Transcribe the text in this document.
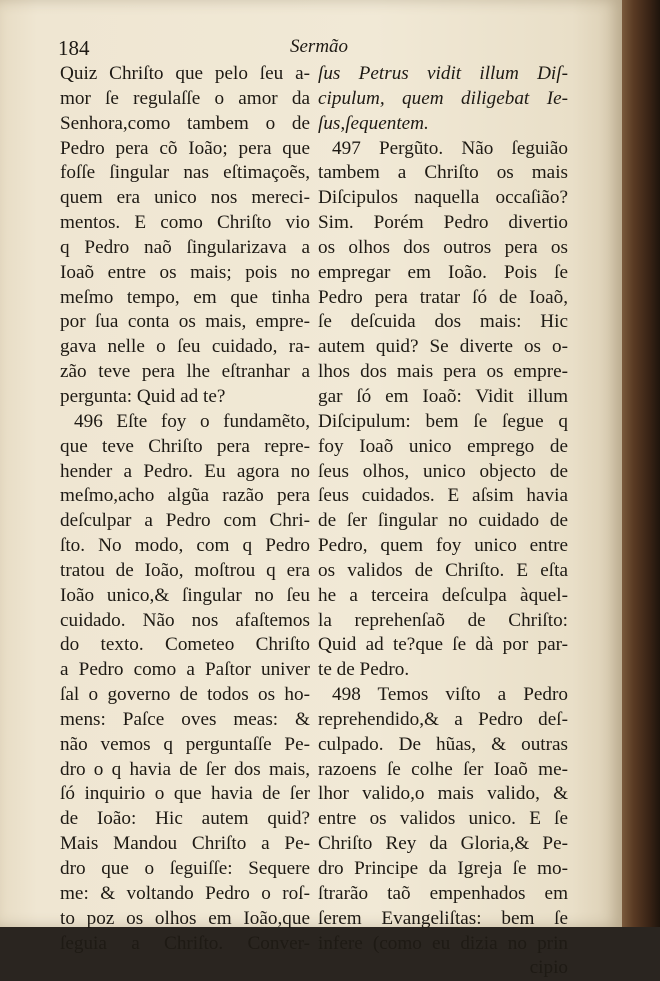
184	Sermão
Quiz Chriſto que pelo ſeu a-
mor ſe regulaſſe o amor da
Senhora,como tambem o de
Pedro pera cõ Ioão; pera que
foſſe ſingular nas eſtimaçoẽs,
quem era unico nos mereci-
mentos. E como Chriſto vio
q Pedro naõ ſingularizava a
Ioaõ entre os mais; pois no
meſmo tempo, em que tinha
por ſua conta os mais, empre-
gava nelle o ſeu cuidado, ra-
zão teve pera lhe eſtranhar a
pergunta: Quid ad te?
496 Eſte foy o fundamẽto,
que teve Chriſto pera repre-
hender a Pedro. Eu agora no
meſmo,acho algũa razão pera
deſculpar a Pedro com Chri-
ſto. No modo, com q Pedro
tratou de Ioão, moſtrou q era
Ioão unico,& ſingular no ſeu
cuidado. Não nos afaſtemos
do texto. Cometeo Chriſto
a Pedro como a Paſtor univer
ſal o governo de todos os ho-
mens: Paſce oves meas: &
não vemos q perguntaſſe Pe-
dro o q havia de ſer dos mais,
ſó inquirio o que havia de ſer
de Ioão: Hic autem quid?
Mais Mandou Chriſto a Pe-
dro que o ſeguiſſe: Sequere
me: & voltando Pedro o roſ-
to poz os olhos em Ioão,que
ſeguia a Chriſto. Conver-
ſus Petrus vidit illum Diſ-
cipulum, quem diligebat Ie-
ſus,ſequentem.
497 Pergũto. Não ſeguião
tambem a Chriſto os mais
Diſcipulos naquella occaſião?
Sim. Porém Pedro divertio
os olhos dos outros pera os
empregar em Ioão. Pois ſe
Pedro pera tratar ſó de Ioaõ,
ſe deſcuida dos mais: Hic
autem quid? Se diverte os o-
lhos dos mais pera os empre-
gar ſó em Ioaõ: Vidit illum
Diſcipulum: bem ſe ſegue q
foy Ioaõ unico emprego de
ſeus olhos, unico objecto de
ſeus cuidados. E aſsim havia
de ſer ſingular no cuidado de
Pedro, quem foy unico entre
os validos de Chriſto. E eſta
he a terceira deſculpa àquel-
la reprehenſaõ de Chriſto:
Quid ad te?que ſe dà por par-
te de Pedro.
498 Temos viſto a Pedro
reprehendido,& a Pedro deſ-
culpado. De hũas, & outras
razoens ſe colhe ſer Ioaõ me-
lhor valido,o mais valido, &
entre os validos unico. E ſe
Chriſto Rey da Gloria,& Pe-
dro Principe da Igreja ſe mo-
ſtrarão taõ empenhados em
ſerem Evangeliſtas: bem ſe
infere (como eu dizia no prin
cipio
